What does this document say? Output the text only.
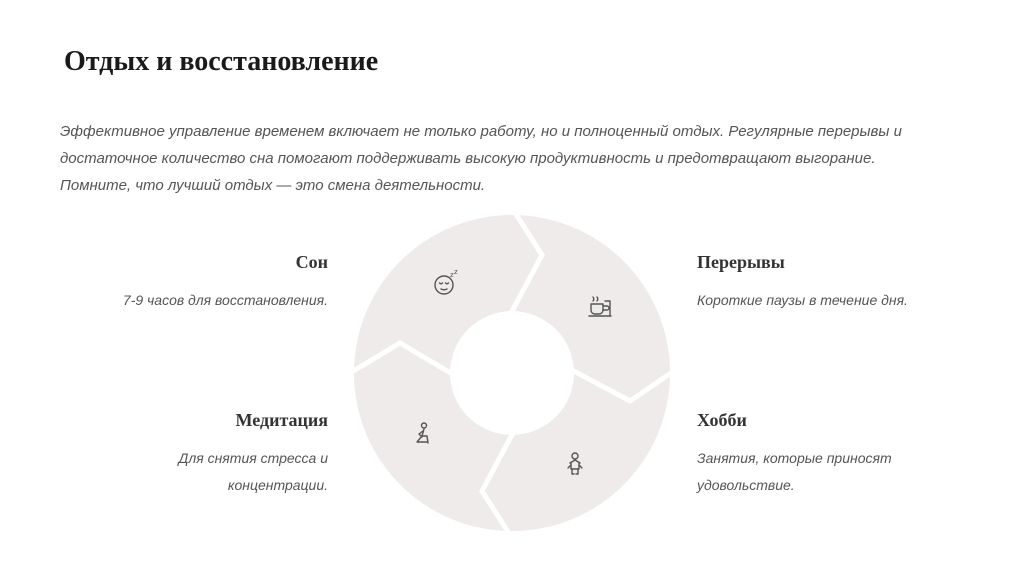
Отдых и восстановление

Эффективное управление временем включает не только работу, но и полноценный отдых. Регулярные перерывы и достаточное количество сна помогают поддерживать высокую продуктивность и предотвращают выгорание. Помните, что лучший отдых — это смена деятельности.

Сон

7-9 часов для восстановления.

Перерывы

Короткие паузы в течение дня.

Медитация

Для снятия стресса и концентрации.

Хобби

Занятия, которые приносят удовольствие.

z z
